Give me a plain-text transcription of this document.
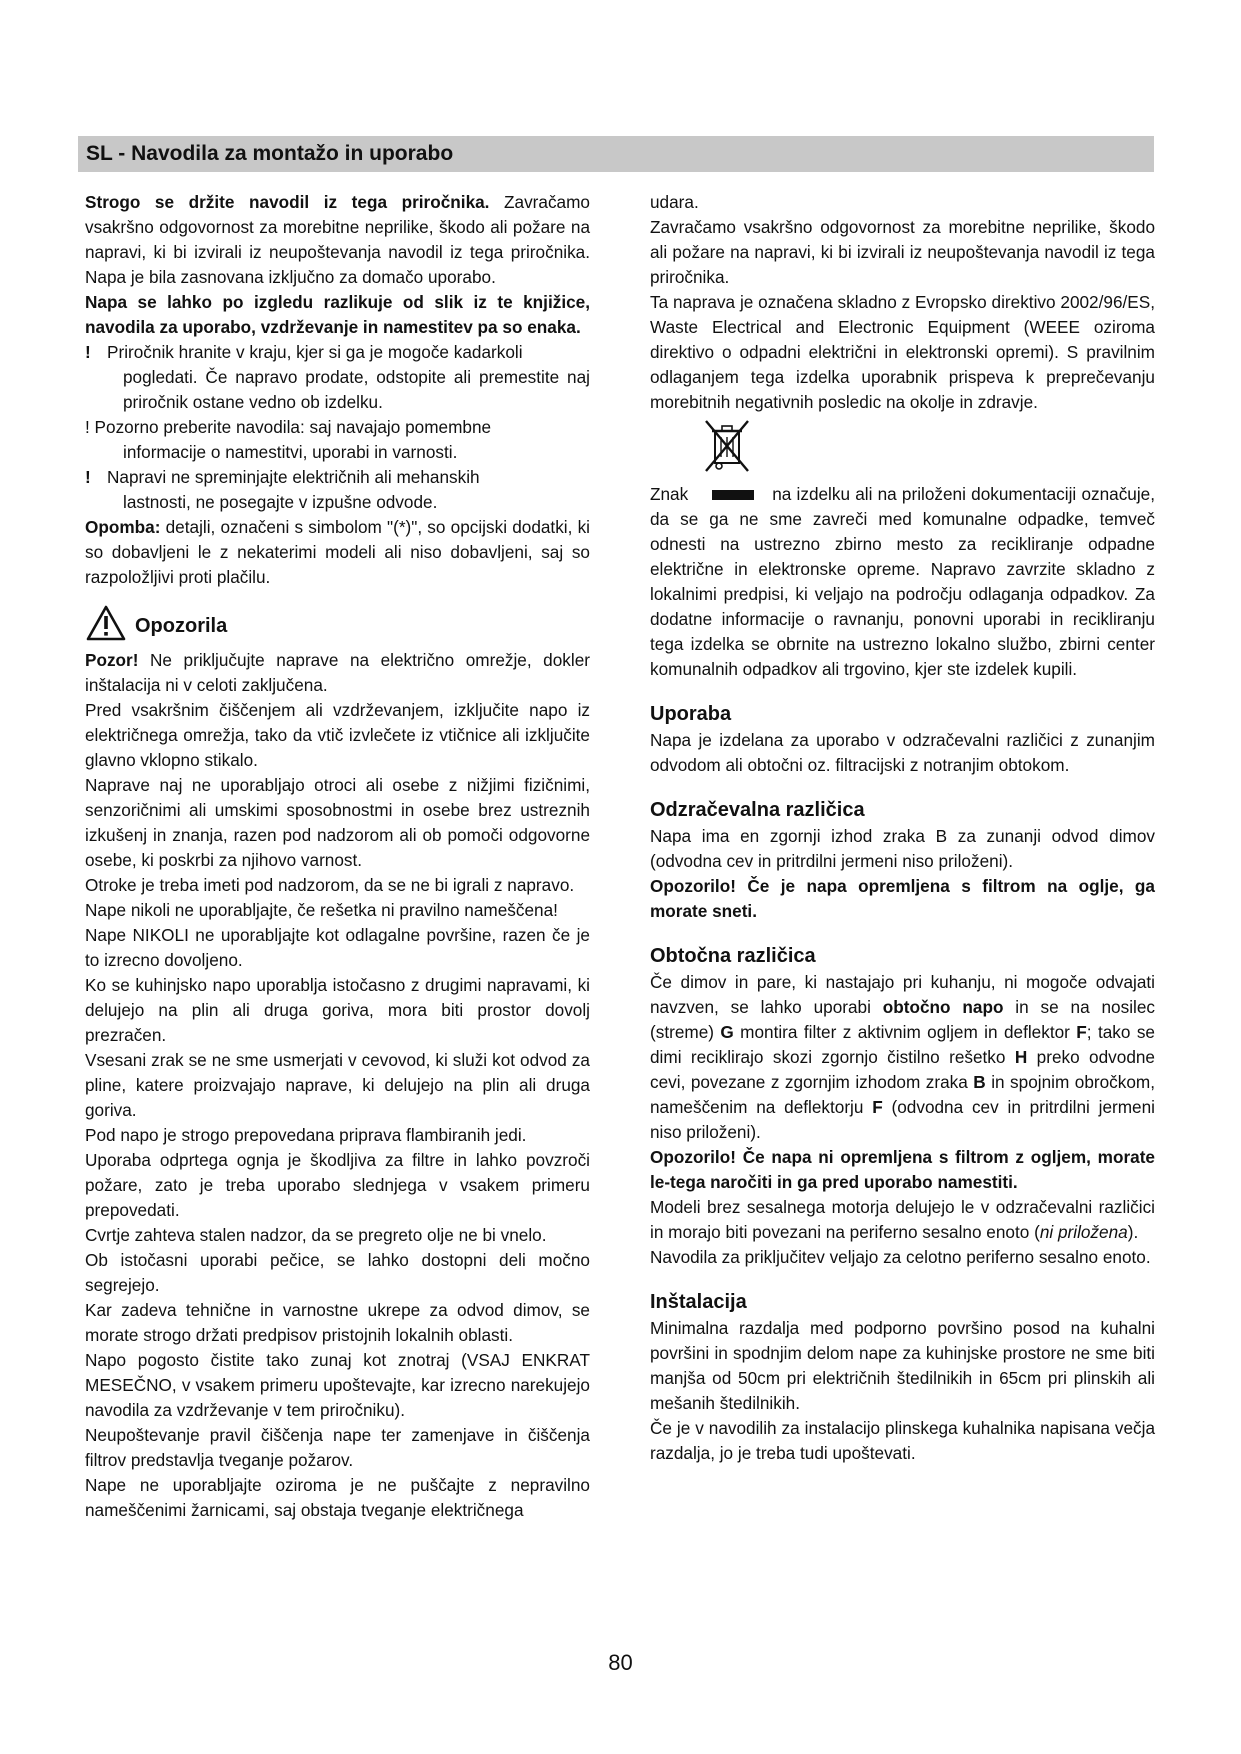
SL - Navodila za montažo in uporabo

Strogo se držite navodil iz tega priročnika. Zavračamo vsakršno odgovornost za morebitne neprilike, škodo ali požare na napravi, ki bi izvirali iz neupoštevanja navodil iz tega priročnika. Napa je bila zasnovana izključno za domačo uporabo.

Napa se lahko po izgledu razlikuje od slik iz te knjižice, navodila za uporabo, vzdrževanje in namestitev pa so enaka.

! Priročnik hranite v kraju, kjer si ga je mogoče kadarkoli

pogledati. Če napravo prodate, odstopite ali premestite naj priročnik ostane vedno ob izdelku.

! Pozorno preberite navodila: saj navajajo pomembne

informacije o namestitvi, uporabi in varnosti.

! Napravi ne spreminjajte električnih ali mehanskih

lastnosti, ne posegajte v izpušne odvode.

Opomba: detajli, označeni s simbolom "(*)", so opcijski dodatki, ki so dobavljeni le z nekaterimi modeli ali niso dobavljeni, saj so razpoložljivi proti plačilu.

Opozorila

Pozor! Ne priključujte naprave na električno omrežje, dokler inštalacija ni v celoti zaključena.

Pred vsakršnim čiščenjem ali vzdrževanjem, izključite napo iz električnega omrežja, tako da vtič izvlečete iz vtičnice ali izključite glavno vklopno stikalo.

Naprave naj ne uporabljajo otroci ali osebe z nižjimi fizičnimi, senzoričnimi ali umskimi sposobnostmi in osebe brez ustreznih izkušenj in znanja, razen pod nadzorom ali ob pomoči odgovorne osebe, ki poskrbi za njihovo varnost.

Otroke je treba imeti pod nadzorom, da se ne bi igrali z napravo.

Nape nikoli ne uporabljajte, če rešetka ni pravilno nameščena!

Nape NIKOLI ne uporabljajte kot odlagalne površine, razen če je to izrecno dovoljeno.

Ko se kuhinjsko napo uporablja istočasno z drugimi napravami, ki delujejo na plin ali druga goriva, mora biti prostor dovolj prezračen.

Vsesani zrak se ne sme usmerjati v cevovod, ki služi kot odvod za pline, katere proizvajajo naprave, ki delujejo na plin ali druga goriva.

Pod napo je strogo prepovedana priprava flambiranih jedi.

Uporaba odprtega ognja je škodljiva za filtre in lahko povzroči požare, zato je treba uporabo slednjega v vsakem primeru prepovedati.

Cvrtje zahteva stalen nadzor, da se pregreto olje ne bi vnelo.

Ob istočasni uporabi pečice, se lahko dostopni deli močno segrejejo.

Kar zadeva tehnične in varnostne ukrepe za odvod dimov, se morate strogo držati predpisov pristojnih lokalnih oblasti.

Napo pogosto čistite tako zunaj kot znotraj (VSAJ ENKRAT MESEČNO, v vsakem primeru upoštevajte, kar izrecno narekujejo navodila za vzdrževanje v tem priročniku).

Neupoštevanje pravil čiščenja nape ter zamenjave in čiščenja filtrov predstavlja tveganje požarov.

Nape ne uporabljajte oziroma je ne puščajte z nepravilno nameščenimi žarnicami, saj obstaja tveganje električnega

udara.

Zavračamo vsakršno odgovornost za morebitne neprilike, škodo ali požare na napravi, ki bi izvirali iz neupoštevanja navodil iz tega priročnika.

Ta naprava je označena skladno z Evropsko direktivo 2002/96/ES, Waste Electrical and Electronic Equipment (WEEE oziroma direktivo o odpadni električni in elektronski opremi). S pravilnim odlaganjem tega izdelka uporabnik prispeva k preprečevanju morebitnih negativnih posledic na okolje in zdravje.

Znak	na izdelku ali na priloženi dokumentaciji označuje, da se ga ne sme zavreči med komunalne odpadke, temveč odnesti na ustrezno zbirno mesto za recikliranje odpadne električne in elektronske opreme. Napravo zavrzite skladno z lokalnimi predpisi, ki veljajo na področju odlaganja odpadkov. Za dodatne informacije o ravnanju, ponovni uporabi in recikliranju tega izdelka se obrnite na ustrezno lokalno službo, zbirni center komunalnih odpadkov ali trgovino, kjer ste izdelek kupili.

Uporaba

Napa je izdelana za uporabo v odzračevalni različici z zunanjim odvodom ali obtočni oz. filtracijski z notranjim obtokom.

Odzračevalna različica

Napa ima en zgornji izhod zraka B za zunanji odvod dimov (odvodna cev in pritrdilni jermeni niso priloženi).

Opozorilo! Če je napa opremljena s filtrom na oglje, ga morate sneti.

Obtočna različica

Če dimov in pare, ki nastajajo pri kuhanju, ni mogoče odvajati navzven, se lahko uporabi obtočno napo in se na nosilec (streme) G montira filter z aktivnim ogljem in deflektor F; tako se dimi reciklirajo skozi zgornjo čistilno rešetko H preko odvodne cevi, povezane z zgornjim izhodom zraka B in spojnim obročkom, nameščenim na deflektorju F (odvodna cev in pritrdilni jermeni niso priloženi).

Opozorilo! Če napa ni opremljena s filtrom z ogljem, morate le-tega naročiti in ga pred uporabo namestiti.

Modeli brez sesalnega motorja delujejo le v odzračevalni različici in morajo biti povezani na periferno sesalno enoto (ni priložena).

Navodila za priključitev veljajo za celotno periferno sesalno enoto.

Inštalacija

Minimalna razdalja med podporno površino posod na kuhalni površini in spodnjim delom nape za kuhinjske prostore ne sme biti manjša od 50cm pri električnih štedilnikih in 65cm pri plinskih ali mešanih štedilnikih.

Če je v navodilih za instalacijo plinskega kuhalnika napisana večja razdalja, jo je treba tudi upoštevati.

80
